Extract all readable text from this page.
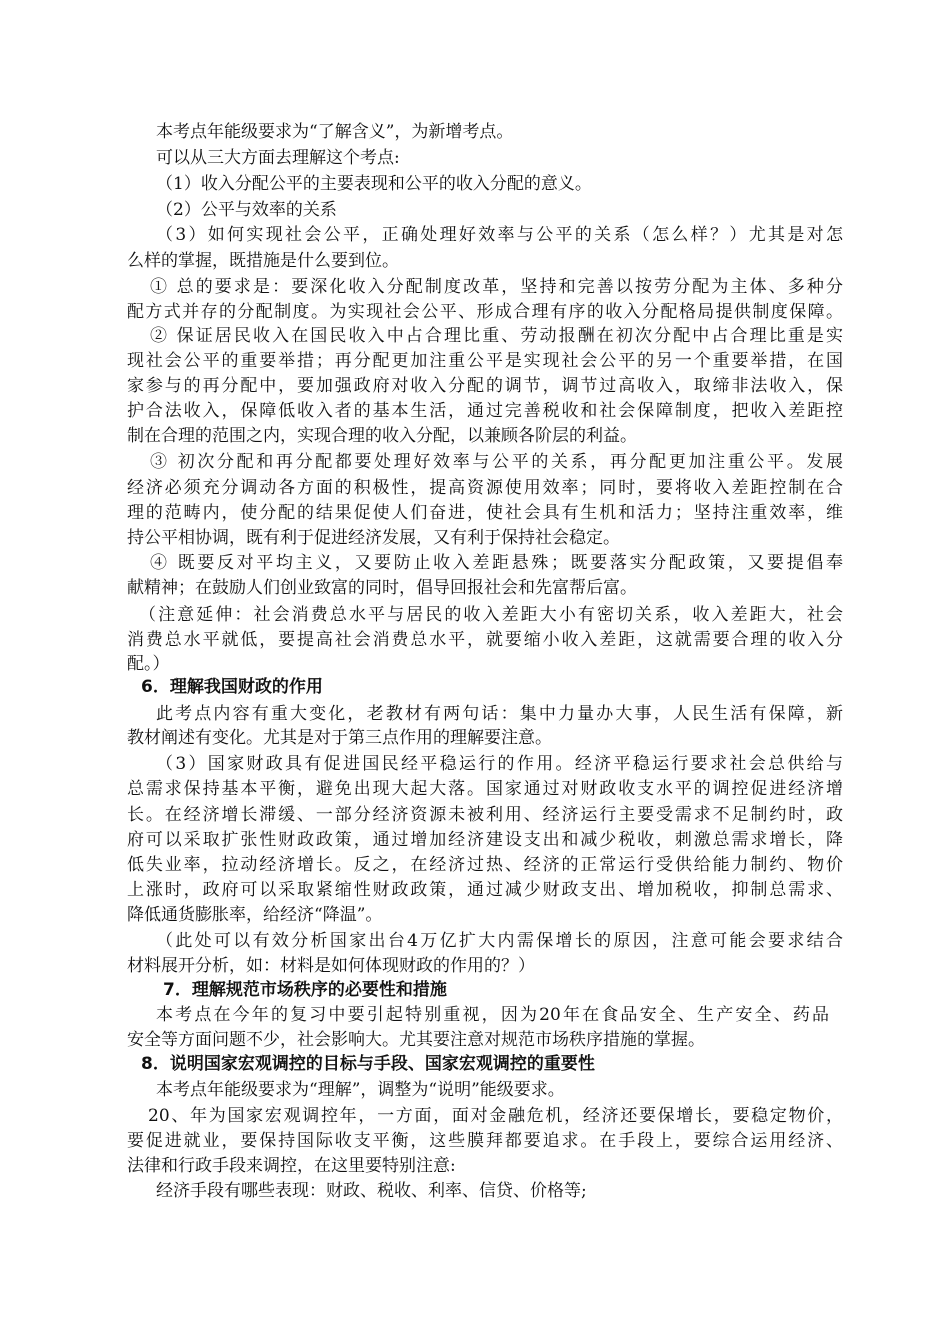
本考点年能级要求为“了解含义”，为新增考点。
可以从三大方面去理解这个考点:
（1）收入分配公平的主要表现和公平的收入分配的意义。
（2）公平与效率的关系
（3）如何实现社会公平，正确处理好效率与公平的关系（怎么样？）尤其是对怎
么样的掌握，既措施是什么要到位。
① 总的要求是：要深化收入分配制度改革，坚持和完善以按劳分配为主体、多种分
配方式并存的分配制度。为实现社会公平、形成合理有序的收入分配格局提供制度保障。
② 保证居民收入在国民收入中占合理比重、劳动报酬在初次分配中占合理比重是实
现社会公平的重要举措；再分配更加注重公平是实现社会公平的另一个重要举措，在国
家参与的再分配中，要加强政府对收入分配的调节，调节过高收入，取缔非法收入，保
护合法收入，保障低收入者的基本生活，通过完善税收和社会保障制度，把收入差距控
制在合理的范围之内，实现合理的收入分配，以兼顾各阶层的利益。
③ 初次分配和再分配都要处理好效率与公平的关系，再分配更加注重公平。发展
经济必须充分调动各方面的积极性，提高资源使用效率；同时，要将收入差距控制在合
理的范畴内，使分配的结果促使人们奋进，使社会具有生机和活力；坚持注重效率，维
持公平相协调，既有利于促进经济发展，又有利于保持社会稳定。
④ 既要反对平均主义，又要防止收入差距悬殊；既要落实分配政策，又要提倡奉
献精神；在鼓励人们创业致富的同时，倡导回报社会和先富帮后富。
（注意延伸：社会消费总水平与居民的收入差距大小有密切关系，收入差距大，社会
消费总水平就低，要提高社会消费总水平，就要缩小收入差距，这就需要合理的收入分
配。）
6．理解我国财政的作用
此考点内容有重大变化，老教材有两句话：集中力量办大事，人民生活有保障，新
教材阐述有变化。尤其是对于第三点作用的理解要注意。
（3）国家财政具有促进国民经平稳运行的作用。经济平稳运行要求社会总供给与
总需求保持基本平衡，避免出现大起大落。国家通过对财政收支水平的调控促进经济增
长。在经济增长滞缓、一部分经济资源未被利用、经济运行主要受需求不足制约时，政
府可以采取扩张性财政政策，通过增加经济建设支出和减少税收，刺激总需求增长，降
低失业率，拉动经济增长。反之，在经济过热、经济的正常运行受供给能力制约、物价
上涨时，政府可以采取紧缩性财政政策，通过减少财政支出、增加税收，抑制总需求、
降低通货膨胀率，给经济“降温”。
（此处可以有效分析国家出台4万亿扩大内需保增长的原因，注意可能会要求结合
材料展开分析，如：材料是如何体现财政的作用的？）
7．理解规范市场秩序的必要性和措施
本考点在今年的复习中要引起特别重视，因为20年在食品安全、生产安全、药品
安全等方面问题不少，社会影响大。尤其要注意对规范市场秩序措施的掌握。
8．说明国家宏观调控的目标与手段、国家宏观调控的重要性
本考点年能级要求为“理解”，调整为“说明”能级要求。
20、年为国家宏观调控年，一方面，面对金融危机，经济还要保增长，要稳定物价，
要促进就业，要保持国际收支平衡，这些膜拜都要追求。在手段上，要综合运用经济、
法律和行政手段来调控，在这里要特别注意:
经济手段有哪些表现：财政、税收、利率、信贷、价格等;
